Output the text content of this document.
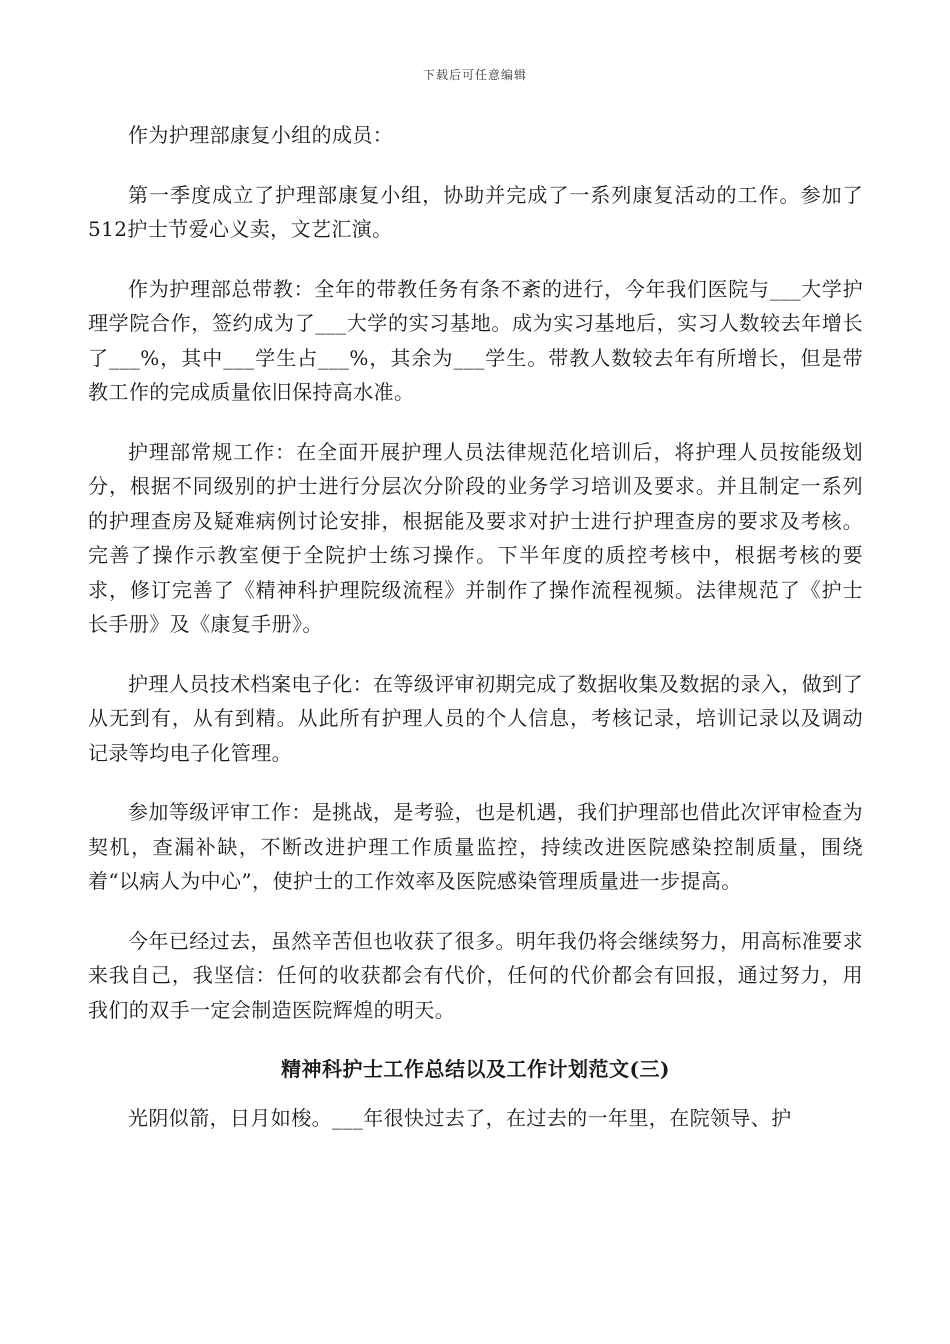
下载后可任意编辑

作为护理部康复小组的成员：

第一季度成立了护理部康复小组，协助并完成了一系列康复活动的工作。参加了512护士节爱心义卖，文艺汇演。

作为护理部总带教：全年的带教任务有条不紊的进行，今年我们医院与___大学护理学院合作，签约成为了___大学的实习基地。成为实习基地后，实习人数较去年增长了___%，其中___学生占___%，其余为___学生。带教人数较去年有所增长，但是带教工作的完成质量依旧保持高水准。

护理部常规工作：在全面开展护理人员法律规范化培训后，将护理人员按能级划分，根据不同级别的护士进行分层次分阶段的业务学习培训及要求。并且制定一系列的护理查房及疑难病例讨论安排，根据能及要求对护士进行护理查房的要求及考核。完善了操作示教室便于全院护士练习操作。下半年度的质控考核中，根据考核的要求，修订完善了《精神科护理院级流程》并制作了操作流程视频。法律规范了《护士长手册》及《康复手册》。

护理人员技术档案电子化：在等级评审初期完成了数据收集及数据的录入，做到了从无到有，从有到精。从此所有护理人员的个人信息，考核记录，培训记录以及调动记录等均电子化管理。

参加等级评审工作：是挑战，是考验，也是机遇，我们护理部也借此次评审检查为契机，查漏补缺，不断改进护理工作质量监控，持续改进医院感染控制质量，围绕着“以病人为中心”，使护士的工作效率及医院感染管理质量进一步提高。

今年已经过去，虽然辛苦但也收获了很多。明年我仍将会继续努力，用高标准要求来我自己，我坚信：任何的收获都会有代价，任何的代价都会有回报，通过努力，用我们的双手一定会制造医院辉煌的明天。

精神科护士工作总结以及工作计划范文(三)

光阴似箭，日月如梭。___年很快过去了，在过去的一年里，在院领导、护
